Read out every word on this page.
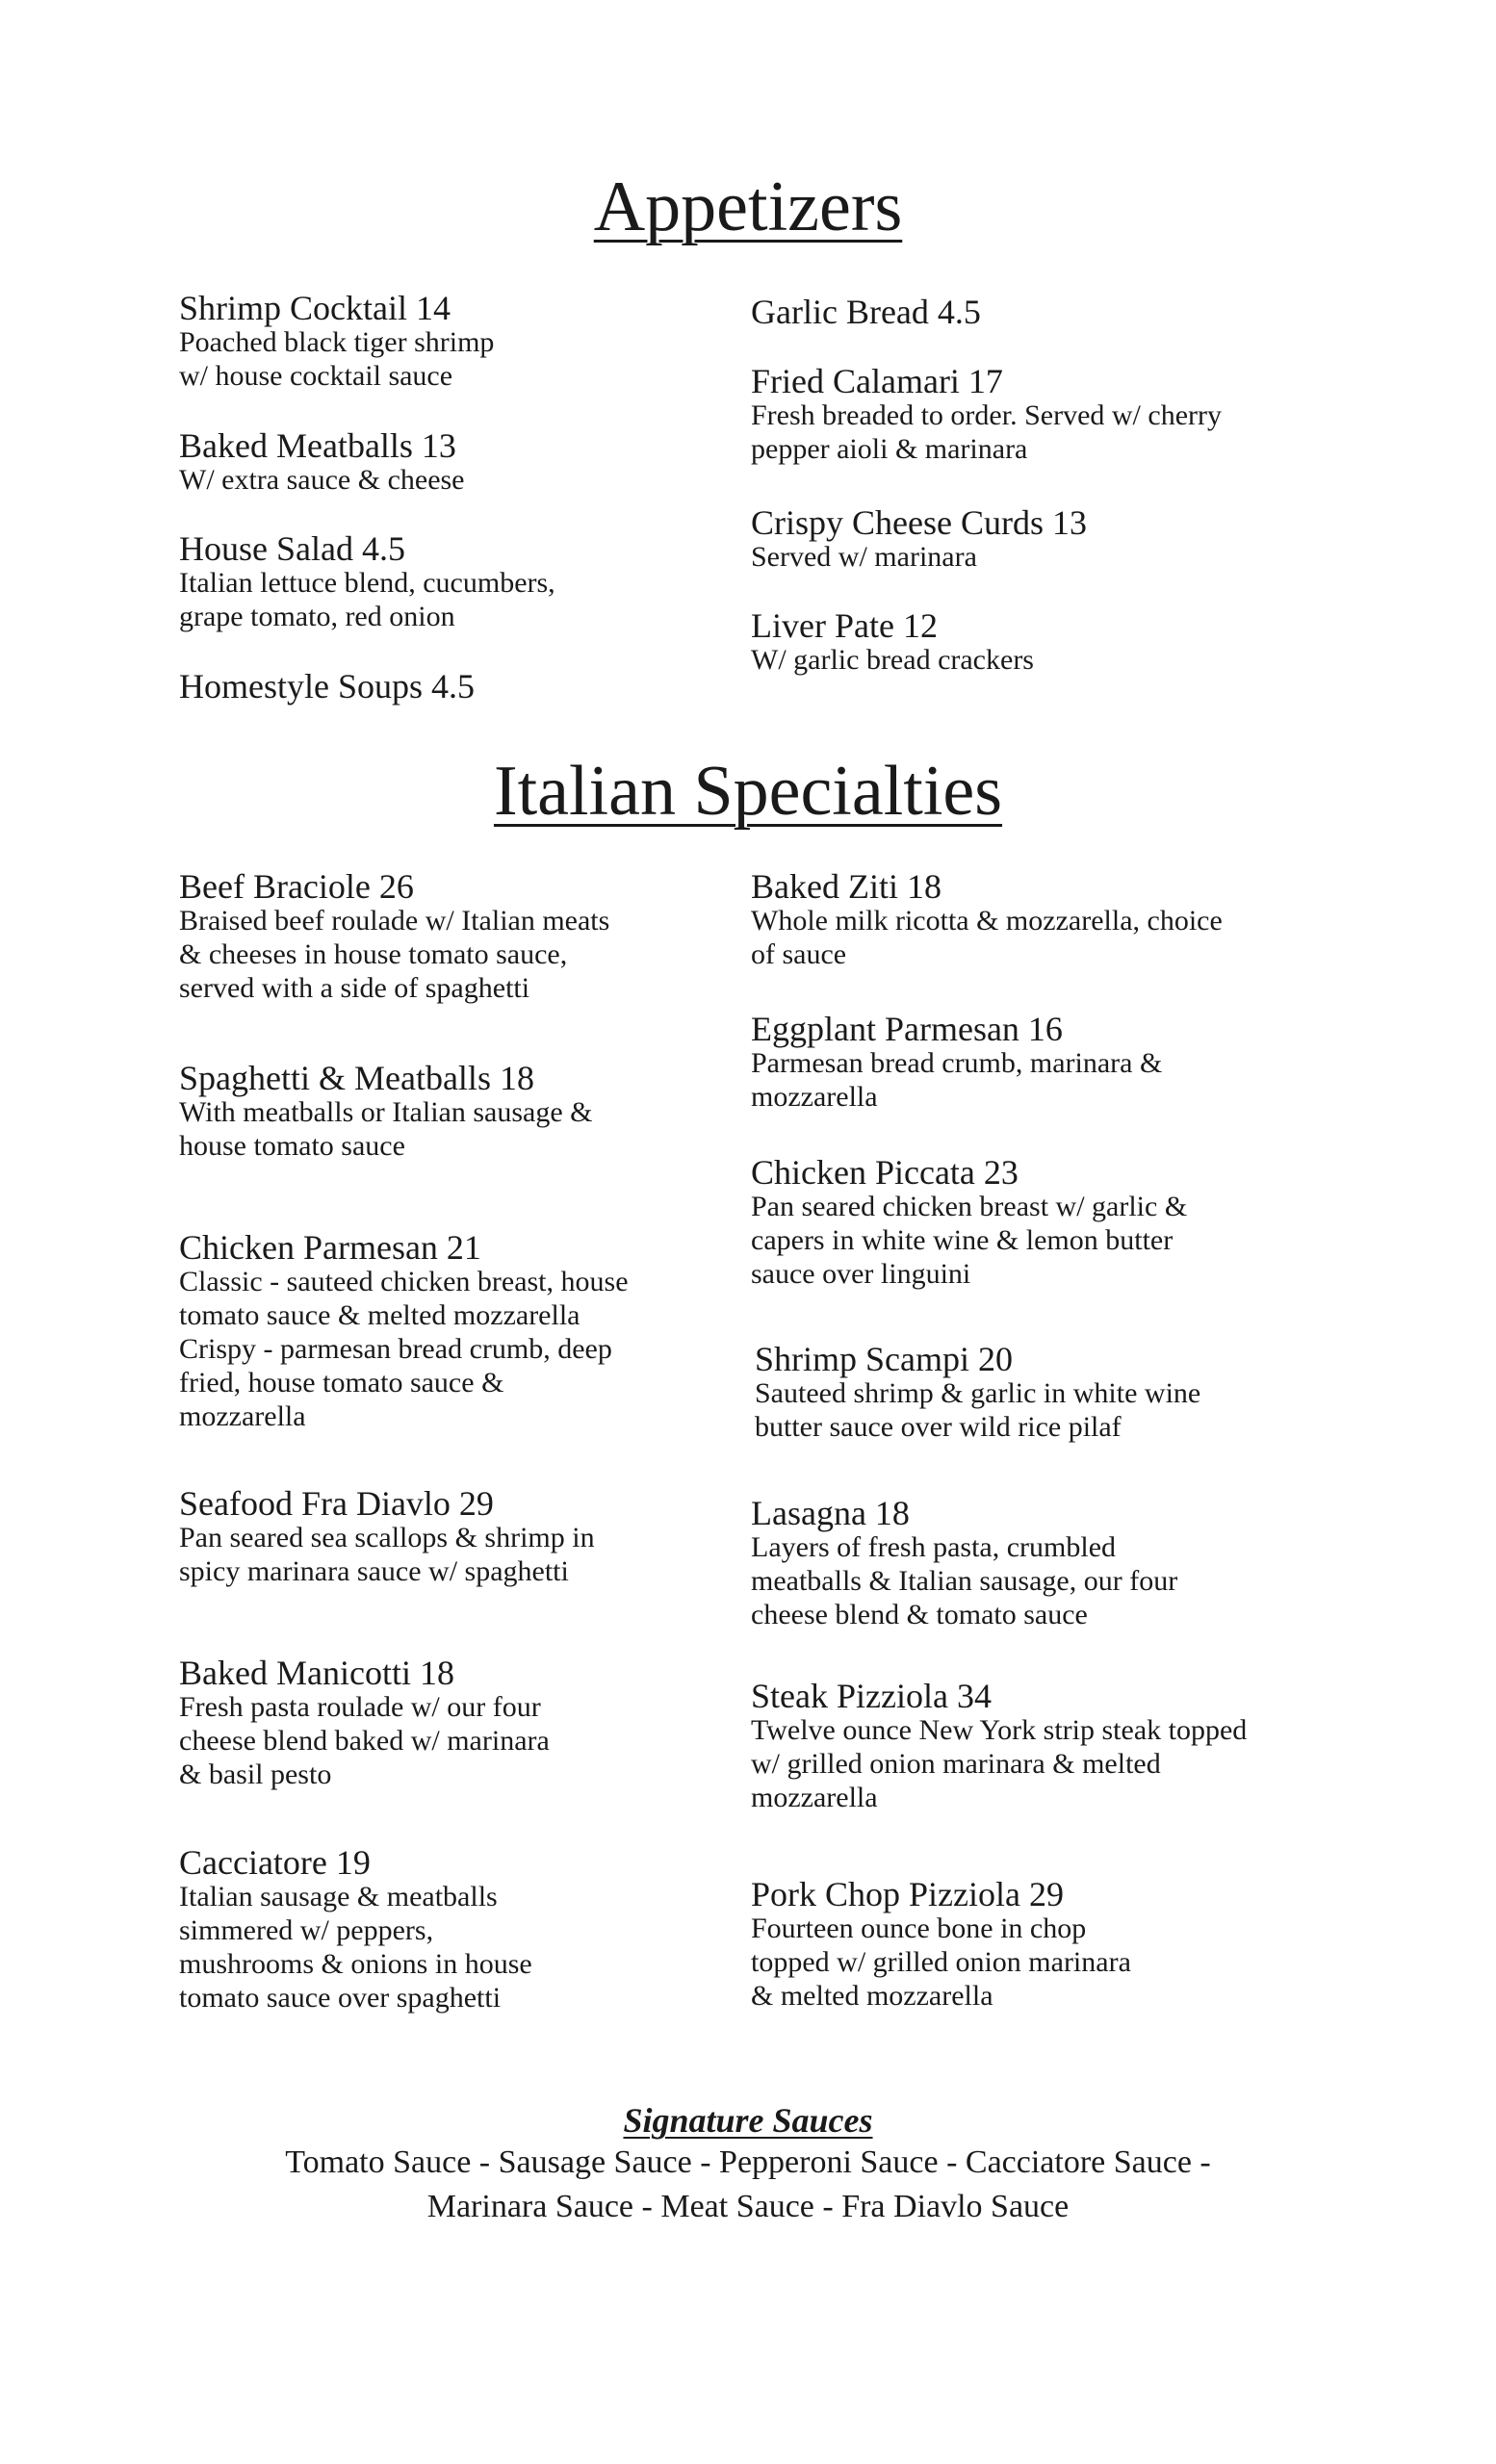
Appetizers
Shrimp Cocktail 14
Poached black tiger shrimp
w/ house cocktail sauce
Baked Meatballs 13
W/ extra sauce & cheese
House Salad 4.5
Italian lettuce blend, cucumbers,
grape tomato, red onion
Homestyle Soups 4.5
Garlic Bread 4.5
Fried Calamari 17
Fresh breaded to order. Served w/ cherry
pepper aioli & marinara
Crispy Cheese Curds 13
Served w/ marinara
Liver Pate 12
W/ garlic bread crackers
Italian Specialties
Beef Braciole 26
Braised beef roulade w/ Italian meats
& cheeses in house tomato sauce,
served with a side of spaghetti
Spaghetti & Meatballs 18
With meatballs or Italian sausage &
house tomato sauce
Chicken Parmesan 21
Classic - sauteed chicken breast, house
tomato sauce & melted mozzarella
Crispy - parmesan bread crumb, deep
fried, house tomato sauce &
mozzarella
Seafood Fra Diavlo 29
Pan seared sea scallops & shrimp in
spicy marinara sauce w/ spaghetti
Baked Manicotti 18
Fresh pasta roulade w/ our four
cheese blend baked w/ marinara
& basil pesto
Cacciatore 19
Italian sausage & meatballs
simmered w/ peppers,
mushrooms & onions in house
tomato sauce over spaghetti
Baked Ziti 18
Whole milk ricotta & mozzarella, choice
of sauce
Eggplant Parmesan 16
Parmesan bread crumb, marinara &
mozzarella
Chicken Piccata 23
Pan seared chicken breast w/ garlic &
capers in white wine & lemon butter
sauce over linguini
Shrimp Scampi 20
Sauteed shrimp & garlic in white wine
butter sauce over wild rice pilaf
Lasagna 18
Layers of fresh pasta, crumbled
meatballs & Italian sausage, our four
cheese blend & tomato sauce
Steak Pizziola 34
Twelve ounce New York strip steak topped
w/ grilled onion marinara & melted
mozzarella
Pork Chop Pizziola 29
Fourteen ounce bone in chop
topped w/ grilled onion marinara
& melted mozzarella
Signature Sauces
Tomato Sauce - Sausage Sauce - Pepperoni Sauce - Cacciatore Sauce -
Marinara Sauce - Meat Sauce - Fra Diavlo Sauce
